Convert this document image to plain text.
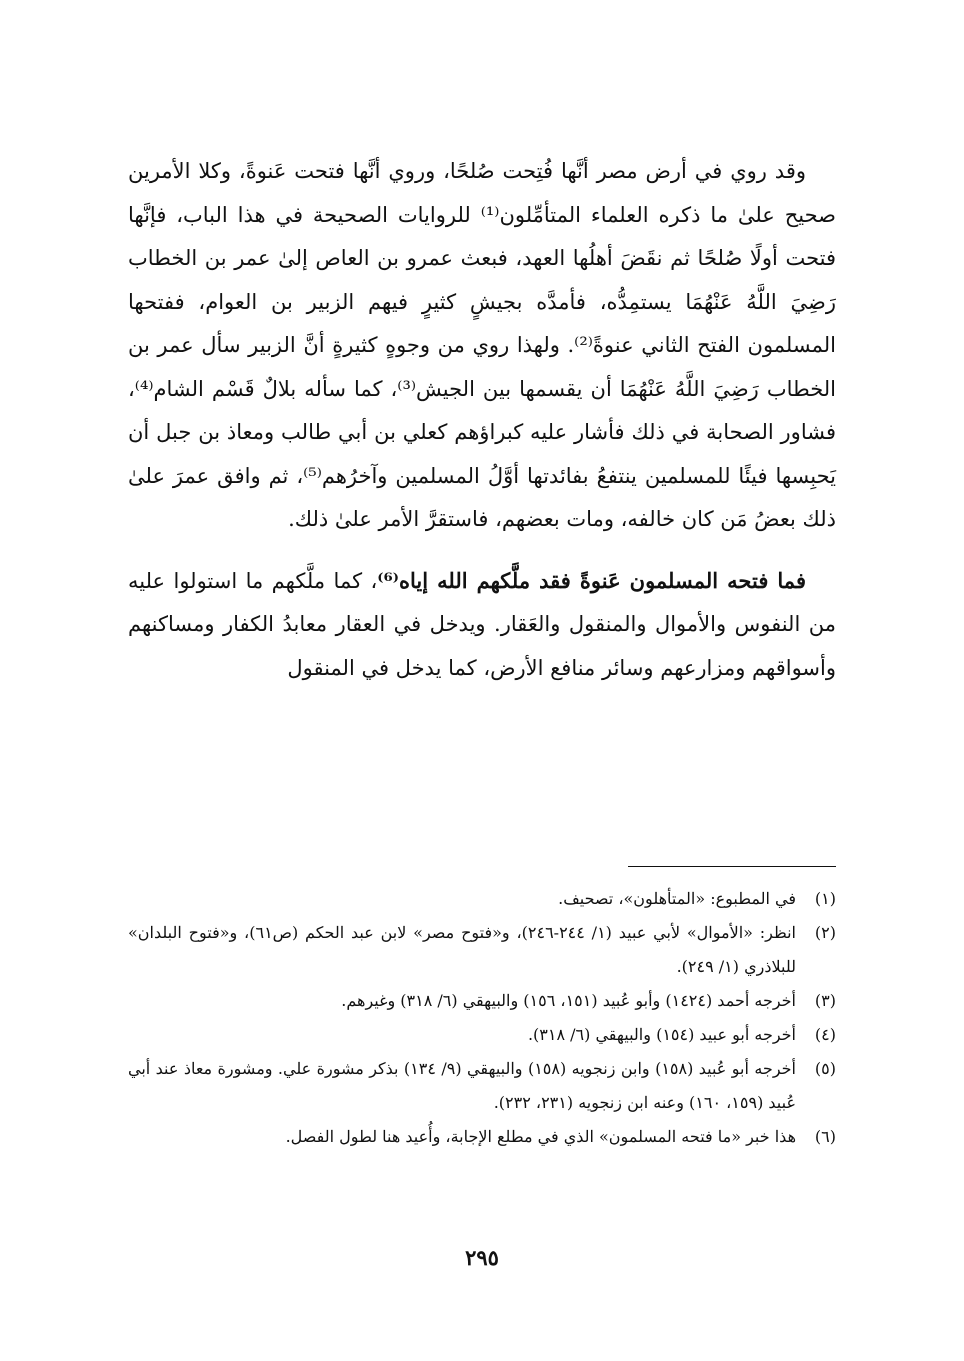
وقد روي في أرض مصر أنَّها فُتِحت صُلحًا، وروي أنَّها فتحت عَنوةً، وكلا الأمرين صحيح علىٰ ما ذكره العلماء المتأمِّلون⁽¹⁾ للروايات الصحيحة في هذا الباب، فإنَّها فتحت أولًا صُلحًا ثم نقَضَ أهلُها العهد، فبعث عمرو بن العاص إلىٰ عمر بن الخطاب رَضِيَ اللَّهُ عَنْهُمَا يستمِدُّه، فأمدَّه بجيشٍ كثيرٍ فيهم الزبير بن العوام، ففتحها المسلمون الفتح الثاني عنوةً⁽²⁾. ولهذا روي من وجوهٍ كثيرةٍ أنَّ الزبير سأل عمر بن الخطاب رَضِيَ اللَّهُ عَنْهُمَا أن يقسمها بين الجيش⁽³⁾، كما سأله بلالٌ قَسْم الشام⁽⁴⁾، فشاور الصحابة في ذلك فأشار عليه كبراؤهم كعلي بن أبي طالب ومعاذ بن جبل أن يَحبِسها فيئًا للمسلمين ينتفعُ بفائدتها أوَّلُ المسلمين وآخرُهم⁽⁵⁾، ثم وافق عمرَ علىٰ ذلك بعضُ مَن كان خالفه، ومات بعضهم، فاستقرَّ الأمر علىٰ ذلك.

فما فتحه المسلمون عَنوةً فقد ملَّكهم الله إياه⁽⁶⁾، كما ملَّكهم ما استولوا عليه من النفوس والأموال والمنقول والعَقار. ويدخل في العقار معابدُ الكفار ومساكنهم وأسواقهم ومزارعهم وسائر منافع الأرض، كما يدخل في المنقول

(١)
في المطبوع: «المتأهلون»، تصحيف.
(٢)
انظر: «الأموال» لأبي عبيد (١/ ٢٤٤-٢٤٦)، و«فتوح مصر» لابن عبد الحكم (ص٦١)، و«فتوح البلدان» للبلاذري (١/ ٢٤٩).
(٣)
أخرجه أحمد (١٤٢٤) وأبو عُبيد (١٥١، ١٥٦) والبيهقي (٦/ ٣١٨) وغيرهم.
(٤)
أخرجه أبو عبيد (١٥٤) والبيهقي (٦/ ٣١٨).
(٥)
أخرجه أبو عُبيد (١٥٨) وابن زنجويه (١٥٨) والبيهقي (٩/ ١٣٤) بذكر مشورة علي. ومشورة معاذ عند أبي عُبيد (١٥٩، ١٦٠) وعنه ابن زنجويه (٢٣١، ٢٣٢).
(٦)
هذا خبر «ما فتحه المسلمون» الذي في مطلع الإجابة، وأُعيد هنا لطول الفصل.
٢٩٥
